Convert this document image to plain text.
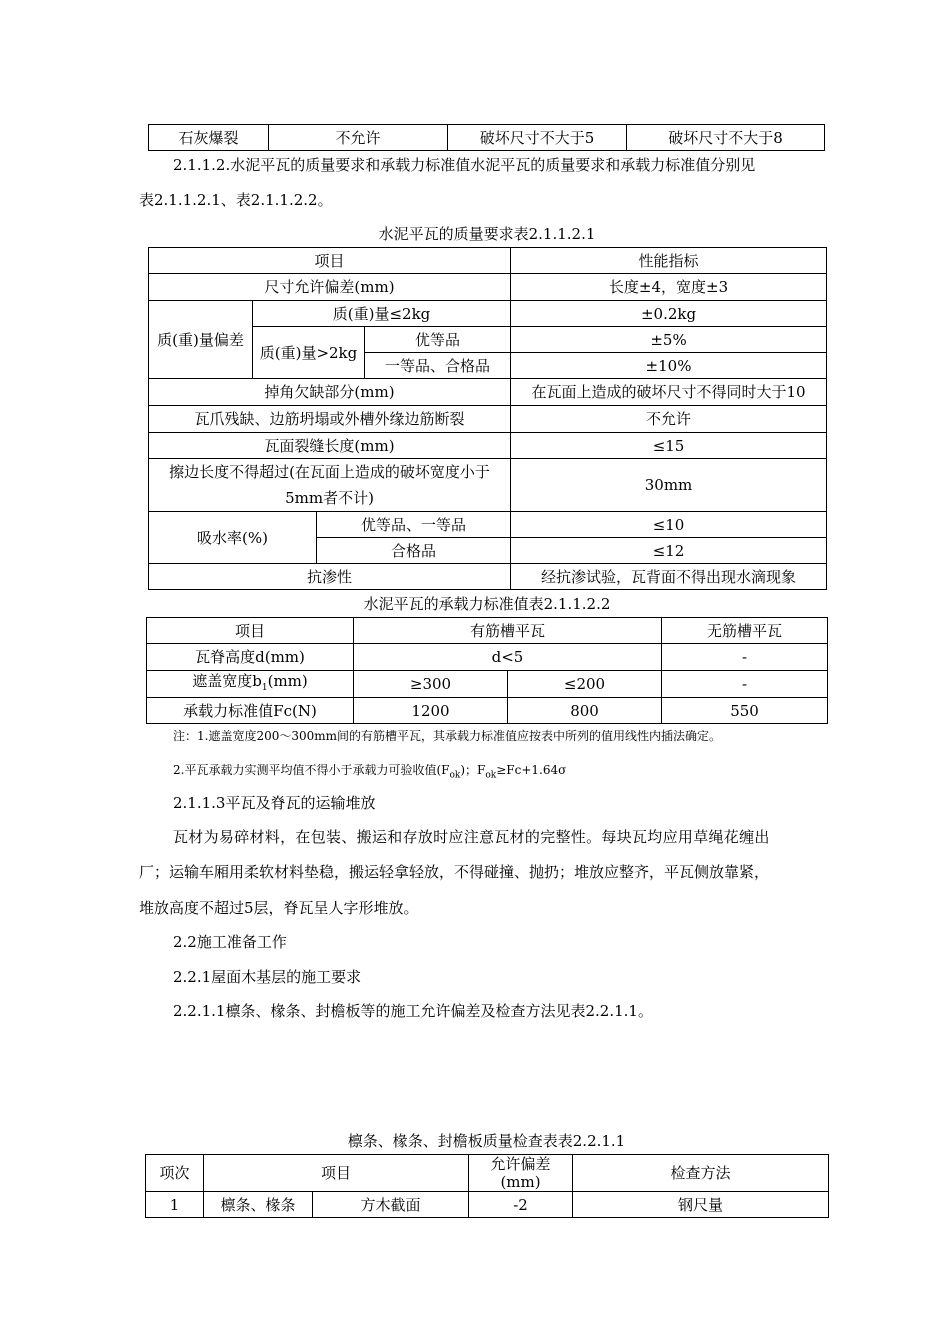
石灰爆裂	不允许	破坏尺寸不大于5	破坏尺寸不大于8
2.1.1.2.水泥平瓦的质量要求和承载力标准值水泥平瓦的质量要求和承载力标准值分别见
表2.1.1.2.1、表2.1.1.2.2。
水泥平瓦的质量要求表2.1.1.2.1
项目				性能指标
尺寸允许偏差(mm)				长度±4，宽度±3
质(重)量偏差	质(重)量≤2kg			±0.2kg
	质(重)量>2kg		优等品	±5%
			一等品、合格品	±10%
掉角欠缺部分(mm)				在瓦面上造成的破坏尺寸不得同时大于10
瓦爪残缺、边筋坍塌或外槽外缘边筋断裂				不允许
瓦面裂缝长度(mm)				≤15

擦边长度不得超过(在瓦面上造成的破坏宽度小于
5mm者不计)				30mm
吸水率(%)		优等品、一等品		≤10
		合格品		≤12
抗渗性				经抗渗试验，瓦背面不得出现水滴现象
水泥平瓦的承载力标准值表2.1.1.2.2
项目	有筋槽平瓦		无筋槽平瓦
瓦脊高度d(mm)	d<5		-
遮盖宽度$b_1(mm)$	≥300	≤200	-
承载力标准值Fc(N)	1200	800	550
注：1.遮盖宽度200～300mm间的有筋槽平瓦，其承载力标准值应按表中所列的值用线性内插法确定。
2.平瓦承载力实测平均值不得小于承载力可验收值$(F_{ok})$；$F_{ok}\ge Fc+1.64\sigma$
2.1.1.3平瓦及脊瓦的运输堆放
瓦材为易碎材料，在包装、搬运和存放时应注意瓦材的完整性。每块瓦均应用草绳花缠出
厂；运输车厢用柔软材料垫稳，搬运轻拿轻放，不得碰撞、抛扔；堆放应整齐，平瓦侧放靠紧，
堆放高度不超过5层，脊瓦呈人字形堆放。
2.2施工准备工作
2.2.1屋面木基层的施工要求
2.2.1.1檩条、椽条、封檐板等的施工允许偏差及检查方法见表2.2.1.1。
檩条、椽条、封檐板质量检查表表2.2.1.1
项次	项目		允许偏差(mm)	检查方法
1	檩条、椽条	方木截面	-2	钢尺量
